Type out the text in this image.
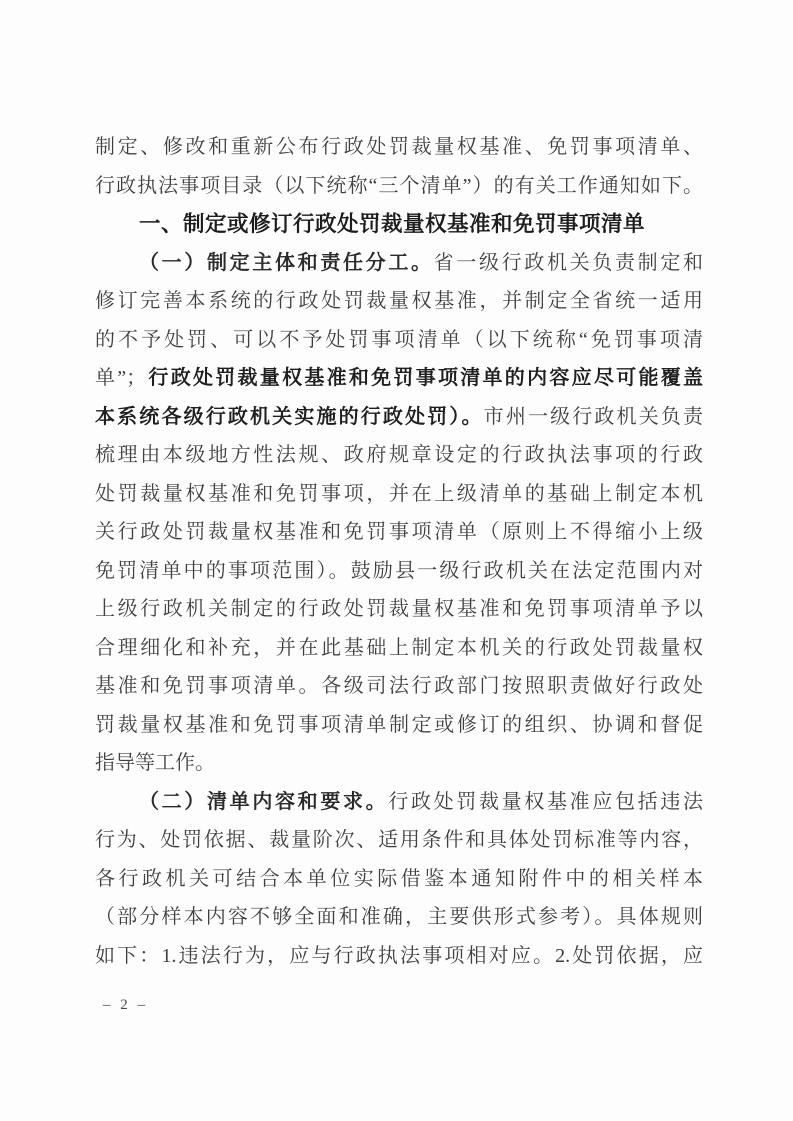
制定、修改和重新公布行政处罚裁量权基准、免罚事项清单、
行政执法事项目录（以下统称“三个清单”）的有关工作通知如下。
一、制定或修订行政处罚裁量权基准和免罚事项清单
（一）制定主体和责任分工。省一级行政机关负责制定和
修订完善本系统的行政处罚裁量权基准，并制定全省统一适用
的不予处罚、可以不予处罚事项清单（以下统称“免罚事项清
单”；行政处罚裁量权基准和免罚事项清单的内容应尽可能覆盖
本系统各级行政机关实施的行政处罚）。市州一级行政机关负责
梳理由本级地方性法规、政府规章设定的行政执法事项的行政
处罚裁量权基准和免罚事项，并在上级清单的基础上制定本机
关行政处罚裁量权基准和免罚事项清单（原则上不得缩小上级
免罚清单中的事项范围）。鼓励县一级行政机关在法定范围内对
上级行政机关制定的行政处罚裁量权基准和免罚事项清单予以
合理细化和补充，并在此基础上制定本机关的行政处罚裁量权
基准和免罚事项清单。各级司法行政部门按照职责做好行政处
罚裁量权基准和免罚事项清单制定或修订的组织、协调和督促
指导等工作。
（二）清单内容和要求。行政处罚裁量权基准应包括违法
行为、处罚依据、裁量阶次、适用条件和具体处罚标准等内容，
各行政机关可结合本单位实际借鉴本通知附件中的相关样本
（部分样本内容不够全面和准确，主要供形式参考）。具体规则
如下：1.违法行为，应与行政执法事项相对应。2.处罚依据，应
– 2 –
